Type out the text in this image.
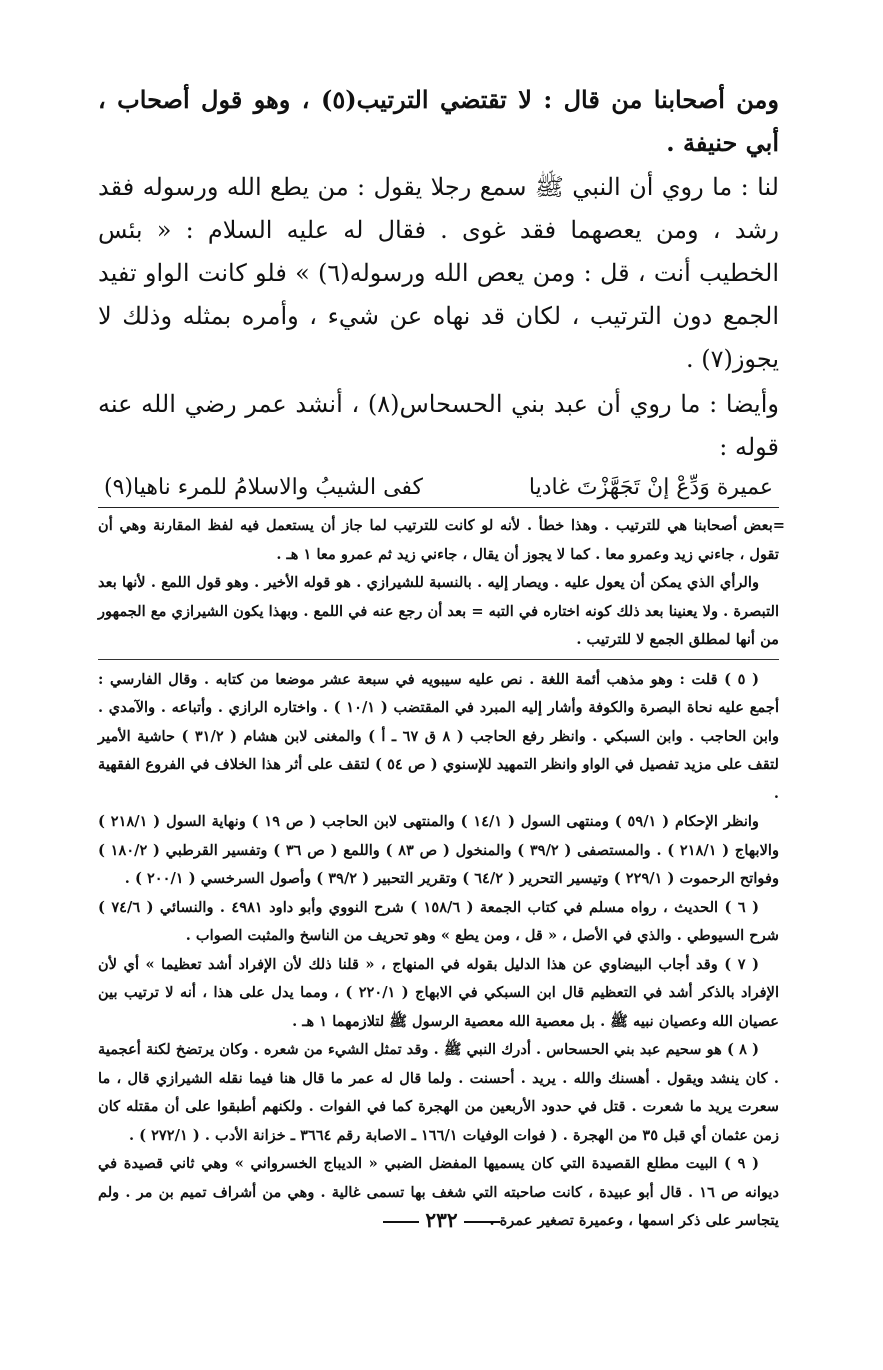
ومن أصحابنا من قال : لا تقتضي الترتيب(٥) ، وهو قول أصحاب ، أبي حنيفة .

لنا : ما روي أن النبي ﷺ سمع رجلا يقول : من يطع الله ورسوله فقد رشد ، ومن يعصهما فقد غوى . فقال له عليه السلام : « بئس الخطيب أنت ، قل : ومن يعص الله ورسوله(٦) » فلو كانت الواو تفيد الجمع دون الترتيب ، لكان قد نهاه عن شيء ، وأمره بمثله وذلك لا يجوز(٧) .

وأيضا : ما روي أن عبد بني الحسحاس(٨) ، أنشد عمر رضي الله عنه قوله :

عميرة وَدِّعْ إنْ تَجَهَّزْتَ غاديا
كفى الشيبُ والاسلامُ للمرء ناهيا(٩)

=بعض أصحابنا هي للترتيب . وهذا خطأ . لأنه لو كانت للترتيب لما جاز أن يستعمل فيه لفظ المقارنة وهي أن تقول ، جاءني زيد وعمرو معا . كما لا يجوز أن يقال ، جاءني زيد ثم عمرو معا ١ هـ .

والرأي الذي يمكن أن يعول عليه . ويصار إليه . بالنسبة للشيرازي . هو قوله الأخير . وهو قول اللمع . لأنها بعد التبصرة . ولا يعنينا بعد ذلك كونه اختاره في التبه = بعد أن رجع عنه في اللمع . وبهذا يكون الشيرازي مع الجمهور من أنها لمطلق الجمع لا للترتيب .

( ٥ ) قلت : وهو مذهب أئمة اللغة . نص عليه سيبويه في سبعة عشر موضعا من كتابه . وقال الفارسي : أجمع عليه نحاة البصرة والكوفة وأشار إليه المبرد في المقتضب ( ١٠/١ ) . واختاره الرازي . وأتباعه . والآمدي . وابن الحاجب . وابن السبكي . وانظر رفع الحاجب ( ٨ ق ٦٧ ـ أ ) والمغنى لابن هشام ( ٣١/٢ ) حاشية الأمير لتقف على مزيد تفصيل في الواو وانظر التمهيد للإسنوي ( ص ٥٤ ) لتقف على أثر هذا الخلاف في الفروع الفقهية .

وانظر الإحكام ( ٥٩/١ ) ومنتهى السول ( ١٤/١ ) والمنتهى لابن الحاجب ( ص ١٩ ) ونهاية السول ( ٢١٨/١ ) والابهاج ( ٢١٨/١ ) . والمستصفى ( ٣٩/٢ ) والمنخول ( ص ٨٣ ) واللمع ( ص ٣٦ ) وتفسير القرطبي ( ١٨٠/٢ ) وفواتح الرحموت ( ٢٢٩/١ ) وتيسير التحرير ( ٦٤/٢ ) وتقرير التحبير ( ٣٩/٢ ) وأصول السرخسي ( ٢٠٠/١ ) .

( ٦ ) الحديث ، رواه مسلم في كتاب الجمعة ( ١٥٨/٦ ) شرح النووي وأبو داود ٤٩٨١ . والنسائي ( ٧٤/٦ ) شرح السيوطي . والذي في الأصل ، « قل ، ومن يطع » وهو تحريف من الناسخ والمثبت الصواب .

( ٧ ) وقد أجاب البيضاوي عن هذا الدليل بقوله في المنهاج ، « قلنا ذلك لأن الإفراد أشد تعظيما » أي لأن الإفراد بالذكر أشد في التعظيم قال ابن السبكي في الابهاج ( ٢٢٠/١ ) ، ومما يدل على هذا ، أنه لا ترتيب بين عصيان الله وعصيان نبيه ﷺ . بل معصية الله معصية الرسول ﷺ لتلازمهما ١ هـ .

( ٨ ) هو سحيم عبد بني الحسحاس . أدرك النبي ﷺ . وقد تمثل الشيء من شعره . وكان يرتضخ لكنة أعجمية . كان ينشد ويقول . أهسنك والله . يريد . أحسنت . ولما قال له عمر ما قال هنا فيما نقله الشيرازي قال ، ما سعرت يريد ما شعرت . قتل في حدود الأربعين من الهجرة كما في الفوات . ولكنهم أطبقوا على أن مقتله كان زمن عثمان أي قبل ٣٥ من الهجرة . ( فوات الوفيات ١٦٦/١ ـ الاصابة رقم ٣٦٦٤ ـ خزانة الأدب . ( ٢٧٢/١ ) .

( ٩ ) البيت مطلع القصيدة التي كان يسميها المفضل الضبي « الديباج الخسرواني » وهي ثاني قصيدة في ديوانه ص ١٦ . قال أبو عبيدة ، كانت صاحبته التي شغف بها تسمى غالية . وهي من أشراف تميم بن مر . ولم يتجاسر على ذكر اسمها ، وعميرة تصغير عمرة .

٢٣٢
